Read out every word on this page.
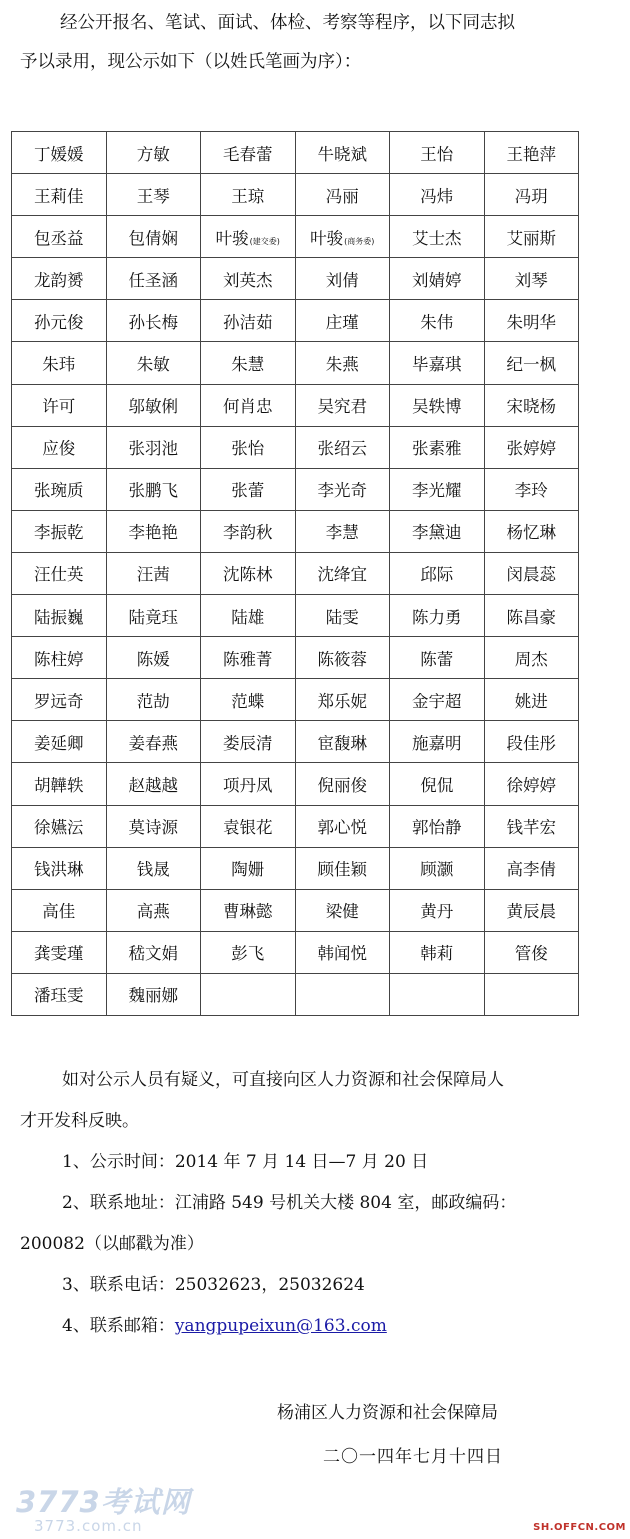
经公开报名、笔试、面试、体检、考察等程序，以下同志拟
予以录用，现公示如下（以姓氏笔画为序）：
丁媛媛	方敏	毛春蕾	牛晓斌	王怡	王艳萍
王莉佳	王琴	王琼	冯丽	冯炜	冯玥
包丞益	包倩娴	叶骏(建交委)	叶骏(商务委)	艾士杰	艾丽斯
龙韵赟	任圣涵	刘英杰	刘倩	刘婧婷	刘琴
孙元俊	孙长梅	孙洁茹	庄瑾	朱伟	朱明华
朱玮	朱敏	朱慧	朱燕	毕嘉琪	纪一枫
许可	邬敏俐	何肖忠	吴究君	吴轶博	宋晓杨
应俊	张羽池	张怡	张绍云	张素雅	张婷婷
张琬质	张鹏飞	张蕾	李光奇	李光耀	李玲
李振乾	李艳艳	李韵秋	李慧	李黛迪	杨忆琳
汪仕英	汪茜	沈陈林	沈绛宜	邱际	闵晨蕊
陆振巍	陆竟珏	陆雄	陆雯	陈力勇	陈昌豪
陈柱婷	陈媛	陈雅菁	陈筱蓉	陈蕾	周杰
罗远奇	范劼	范蝶	郑乐妮	金宇超	姚进
姜延卿	姜春燕	娄辰清	宦馥琳	施嘉明	段佳彤
胡韡轶	赵越越	项丹凤	倪丽俊	倪侃	徐婷婷
徐嬿沄	莫诗源	袁银花	郭心悦	郭怡静	钱芊宏
钱洪琳	钱晟	陶姗	顾佳颖	顾灏	高李倩
高佳	高燕	曹琳懿	梁健	黄丹	黄辰晨
龚雯瑾	嵇文娟	彭飞	韩闻悦	韩莉	管俊
潘珏雯	魏丽娜				
如对公示人员有疑义，可直接向区人力资源和社会保障局人
才开发科反映。
1、公示时间：2014 年 7 月 14 日—7 月 20 日
2、联系地址：江浦路 549 号机关大楼 804 室，邮政编码：
200082（以邮戳为准）
3、联系电话：25032623，25032624
4、联系邮箱：yangpupeixun@163.com
杨浦区人力资源和社会保障局
二〇一四年七月十四日
3773考试网
3773.com.cn	SH.OFFCN.COM
